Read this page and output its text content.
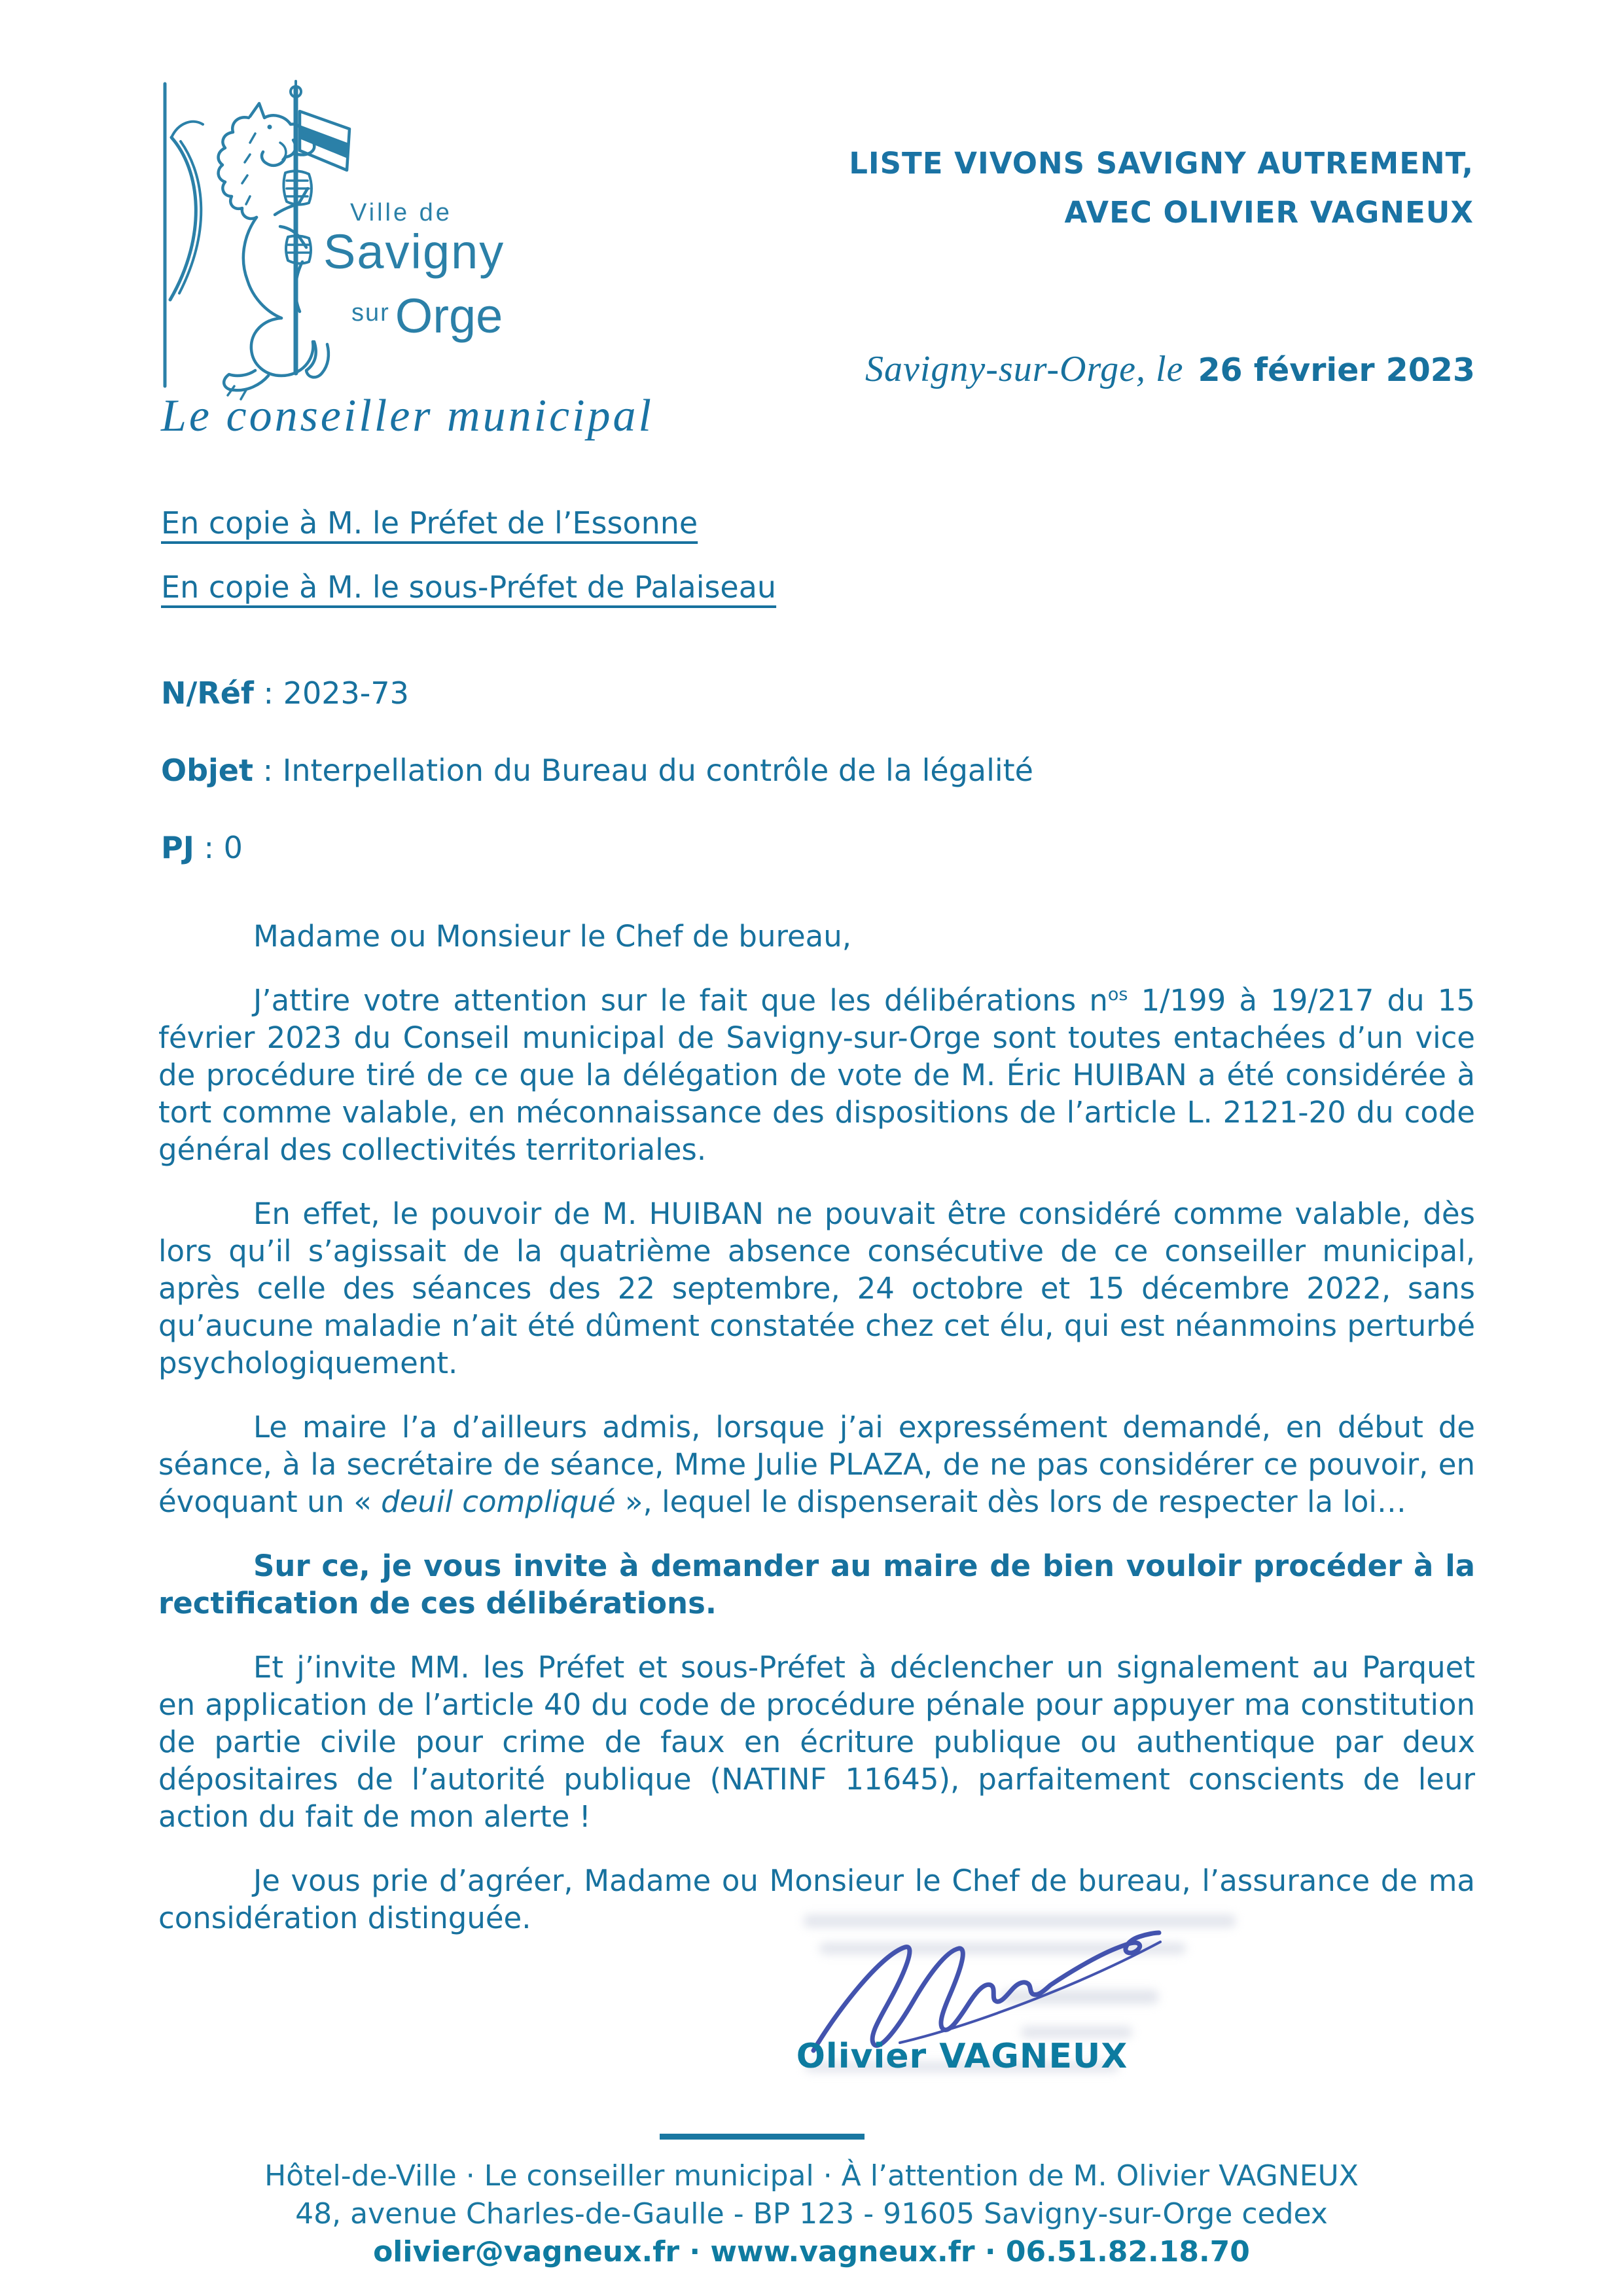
Ville de
Savigny
sur Orge
LISTE VIVONS SAVIGNY AUTREMENT,
AVEC OLIVIER VAGNEUX
Savigny-sur-Orge, le 26 février 2023
Le conseiller municipal
En copie à M. le Préfet de l’Essonne
En copie à M. le sous-Préfet de Palaiseau
N/Réf : 2023-73
Objet : Interpellation du Bureau du contrôle de la légalité
PJ : 0

Madame ou Monsieur le Chef de bureau,

J’attire votre attention sur le fait que les délibérations $n^{os}$ 1/199 à 19/217 du 15 février 2023 du Conseil municipal de Savigny-sur-Orge sont toutes entachées d’un vice de procédure tiré de ce que la délégation de vote de M. Éric HUIBAN a été considérée à tort comme valable, en méconnaissance des dispositions de l’article L. 2121-20 du code général des collectivités territoriales.

En effet, le pouvoir de M. HUIBAN ne pouvait être considéré comme valable, dès lors qu’il s’agissait de la quatrième absence consécutive de ce conseiller municipal, après celle des séances des 22 septembre, 24 octobre et 15 décembre 2022, sans qu’aucune maladie n’ait été dûment constatée chez cet élu, qui est néanmoins perturbé psychologiquement.

Le maire l’a d’ailleurs admis, lorsque j’ai expressément demandé, en début de séance, à la secrétaire de séance, Mme Julie PLAZA, de ne pas considérer ce pouvoir, en évoquant un « deuil compliqué », lequel le dispenserait dès lors de respecter la loi…

Sur ce, je vous invite à demander au maire de bien vouloir procéder à la rectification de ces délibérations.

Et j’invite MM. les Préfet et sous-Préfet à déclencher un signalement au Parquet en application de l’article 40 du code de procédure pénale pour appuyer ma constitution de partie civile pour crime de faux en écriture publique ou authentique par deux dépositaires de l’autorité publique (NATINF 11645), parfaitement conscients de leur action du fait de mon alerte !

Je vous prie d’agréer, Madame ou Monsieur le Chef de bureau, l’assurance de ma considération distinguée.

Olivier VAGNEUX
Hôtel-de-Ville · Le conseiller municipal · À l’attention de M. Olivier VAGNEUX
48, avenue Charles-de-Gaulle - BP 123 - 91605 Savigny-sur-Orge cedex
olivier@vagneux.fr · www.vagneux.fr · 06.51.82.18.70
